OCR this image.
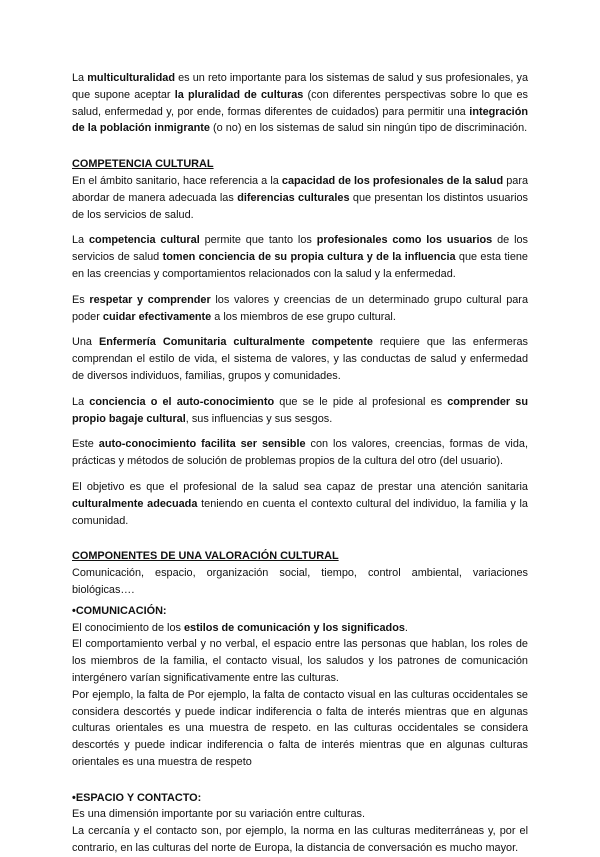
La multiculturalidad es un reto importante para los sistemas de salud y sus profesionales, ya que supone aceptar la pluralidad de culturas (con diferentes perspectivas sobre lo que es salud, enfermedad y, por ende, formas diferentes de cuidados) para permitir una integración de la población inmigrante (o no) en los sistemas de salud sin ningún tipo de discriminación.

COMPETENCIA CULTURAL

En el ámbito sanitario, hace referencia a la capacidad de los profesionales de la salud para abordar de manera adecuada las diferencias culturales que presentan los distintos usuarios de los servicios de salud.

La competencia cultural permite que tanto los profesionales como los usuarios de los servicios de salud tomen conciencia de su propia cultura y de la influencia que esta tiene en las creencias y comportamientos relacionados con la salud y la enfermedad.

Es respetar y comprender los valores y creencias de un determinado grupo cultural para poder cuidar efectivamente a los miembros de ese grupo cultural.

Una Enfermería Comunitaria culturalmente competente requiere que las enfermeras comprendan el estilo de vida, el sistema de valores, y las conductas de salud y enfermedad de diversos individuos, familias, grupos y comunidades.

La conciencia o el auto-conocimiento que se le pide al profesional es comprender su propio bagaje cultural, sus influencias y sus sesgos.

Este auto-conocimiento facilita ser sensible con los valores, creencias, formas de vida, prácticas y métodos de solución de problemas propios de la cultura del otro (del usuario).

El objetivo es que el profesional de la salud sea capaz de prestar una atención sanitaria culturalmente adecuada teniendo en cuenta el contexto cultural del individuo, la familia y la comunidad.

COMPONENTES DE UNA VALORACIÓN CULTURAL

Comunicación, espacio, organización social, tiempo, control ambiental, variaciones biológicas….

•COMUNICACIÓN:

El conocimiento de los estilos de comunicación y los significados.

El comportamiento verbal y no verbal, el espacio entre las personas que hablan, los roles de los miembros de la familia, el contacto visual, los saludos y los patrones de comunicación intergénero varían significativamente entre las culturas.

Por ejemplo, la falta de Por ejemplo, la falta de contacto visual en las culturas occidentales se considera descortés y puede indicar indiferencia o falta de interés mientras que en algunas culturas orientales es una muestra de respeto. en las culturas occidentales se considera descortés y puede indicar indiferencia o falta de interés mientras que en algunas culturas orientales es una muestra de respeto

•ESPACIO Y CONTACTO:

Es una dimensión importante por su variación entre culturas.

La cercanía y el contacto son, por ejemplo, la norma en las culturas mediterráneas y, por el contrario, en las culturas del norte de Europa, la distancia de conversación es mucho mayor.
